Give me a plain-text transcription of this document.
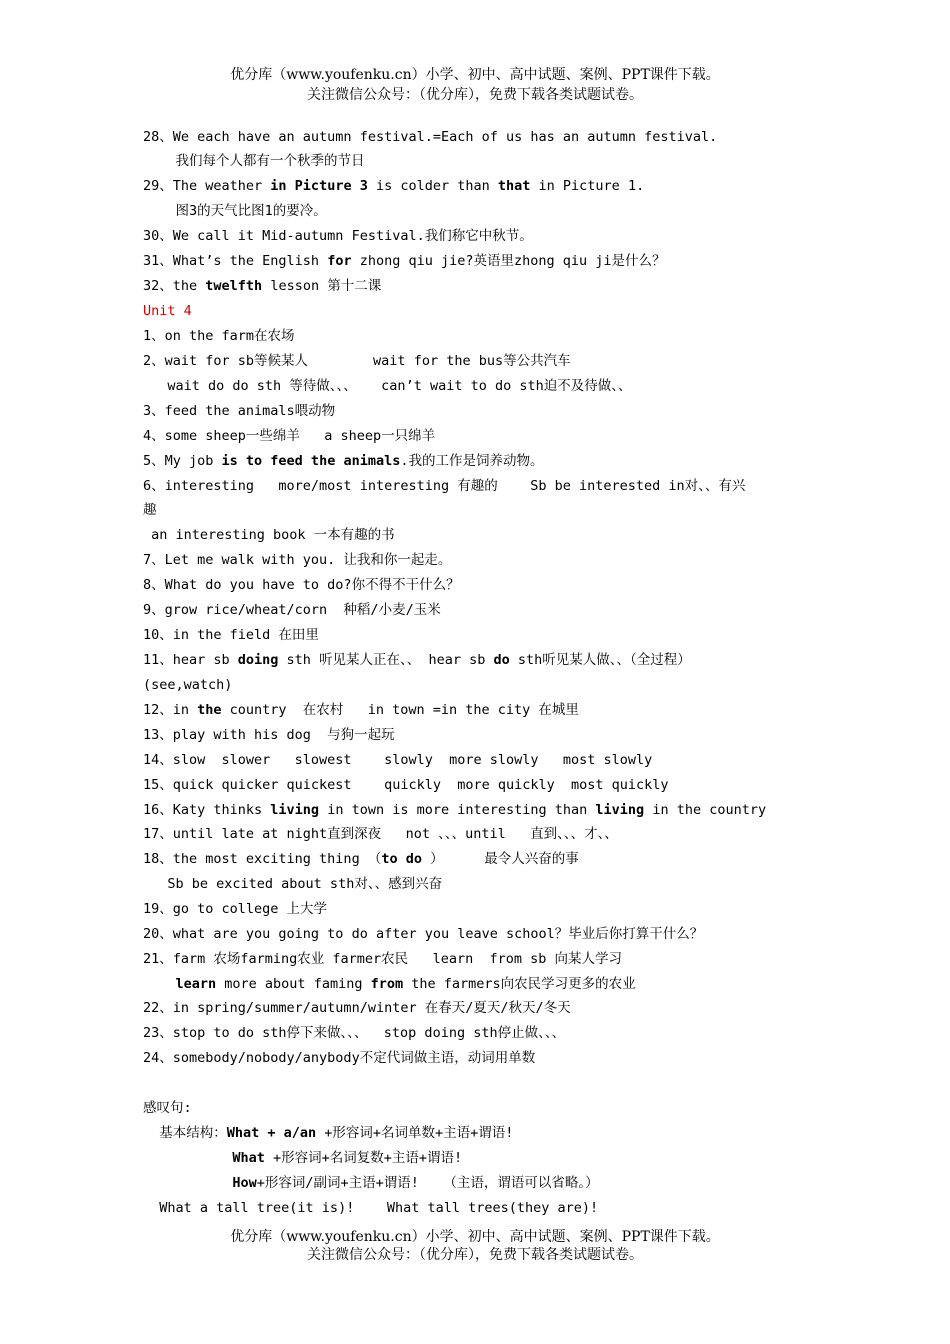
优分库（www.youfenku.cn）小学、初中、高中试题、案例、PPT课件下载。
关注微信公众号：（优分库），免费下载各类试题试卷。
28、We each have an autumn festival.=Each of us has an autumn festival.
我们每个人都有一个秋季的节日
29、The weather in Picture 3 is colder than that in Picture 1.
图3的天气比图1的要冷。
30、We call it Mid-autumn Festival.我们称它中秋节。
31、What’s the English for zhong qiu jie?英语里zhong qiu ji是什么？
32、the twelfth lesson 第十二课
Unit 4
1、on the farm在农场
2、wait for sb等候某人        wait for the bus等公共汽车
wait do do sth 等待做、、、   can’t wait to do sth迫不及待做、、
3、feed the animals喂动物
4、some sheep一些绵羊   a sheep一只绵羊
5、My job is to feed the animals.我的工作是饲养动物。
6、interesting   more/most interesting 有趣的    Sb be interested in对、、有兴
趣
an interesting book 一本有趣的书
7、Let me walk with you. 让我和你一起走。
8、What do you have to do?你不得不干什么？
9、grow rice/wheat/corn  种稻/小麦/玉米
10、in the field 在田里
11、hear sb doing sth 听见某人正在、、 hear sb do sth听见某人做、、（全过程）
(see,watch)
12、in the country  在农村   in town =in the city 在城里
13、play with his dog  与狗一起玩
14、slow  slower   slowest    slowly  more slowly   most slowly
15、quick quicker quickest    quickly  more quickly  most quickly
16、Katy thinks living in town is more interesting than living in the country
17、until late at night直到深夜   not 、、、until   直到、、、才、、
18、the most exciting thing （to do ）     最令人兴奋的事
Sb be excited about sth对、、感到兴奋
19、go to college 上大学
20、what are you going to do after you leave school？毕业后你打算干什么？
21、farm 农场farming农业 farmer农民   learn  from sb 向某人学习
learn more about faming from the farmers向农民学习更多的农业
22、in spring/summer/autumn/winter 在春天/夏天/秋天/冬天
23、stop to do sth停下来做、、、  stop doing sth停止做、、、
24、somebody/nobody/anybody不定代词做主语，动词用单数
感叹句:
基本结构：What + a/an +形容词+名词单数+主语+谓语!
What +形容词+名词复数+主语+谓语!
How+形容词/副词+主语+谓语!   （主语，谓语可以省略。）
What a tall tree(it is)!    What tall trees(they are)!
优分库（www.youfenku.cn）小学、初中、高中试题、案例、PPT课件下载。
关注微信公众号：（优分库），免费下载各类试题试卷。
